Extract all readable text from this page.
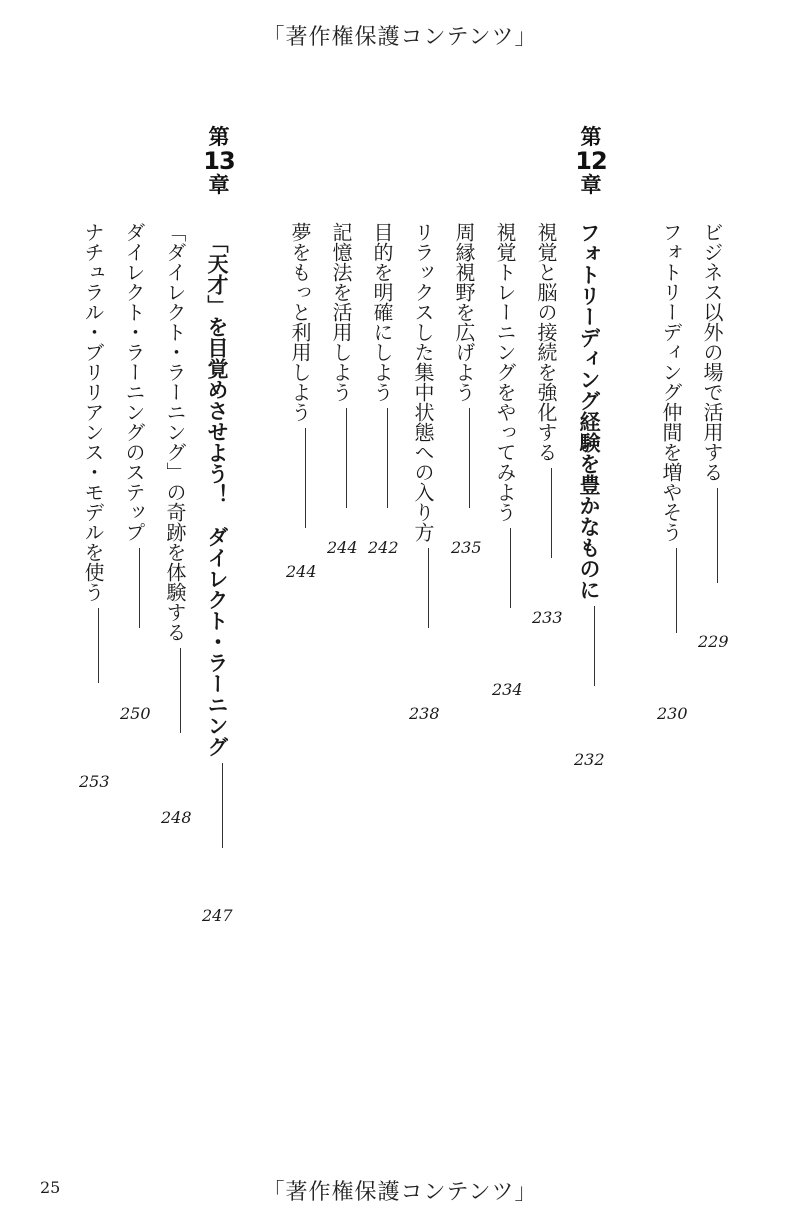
「著作権保護コンテンツ」
ビジネス以外の場で活用する
229
フォトリーディング仲間を増やそう
230
第
12
章
フォトリーディング経験を豊かなものに
232
視覚と脳の接続を強化する
233
視覚トレーニングをやってみよう
234
周縁視野を広げよう
235
リラックスした集中状態への入り方
238
目的を明確にしよう
242
記憶法を活用しよう
244
夢をもっと利用しよう
244
第
13
章
「天才」を目覚めさせよう！　ダイレクト・ラーニング
247
「ダイレクト・ラーニング」の奇跡を体験する
248
ダイレクト・ラーニングのステップ
250
ナチュラル・ブリリアンス・モデルを使う
253
25	「著作権保護コンテンツ」
